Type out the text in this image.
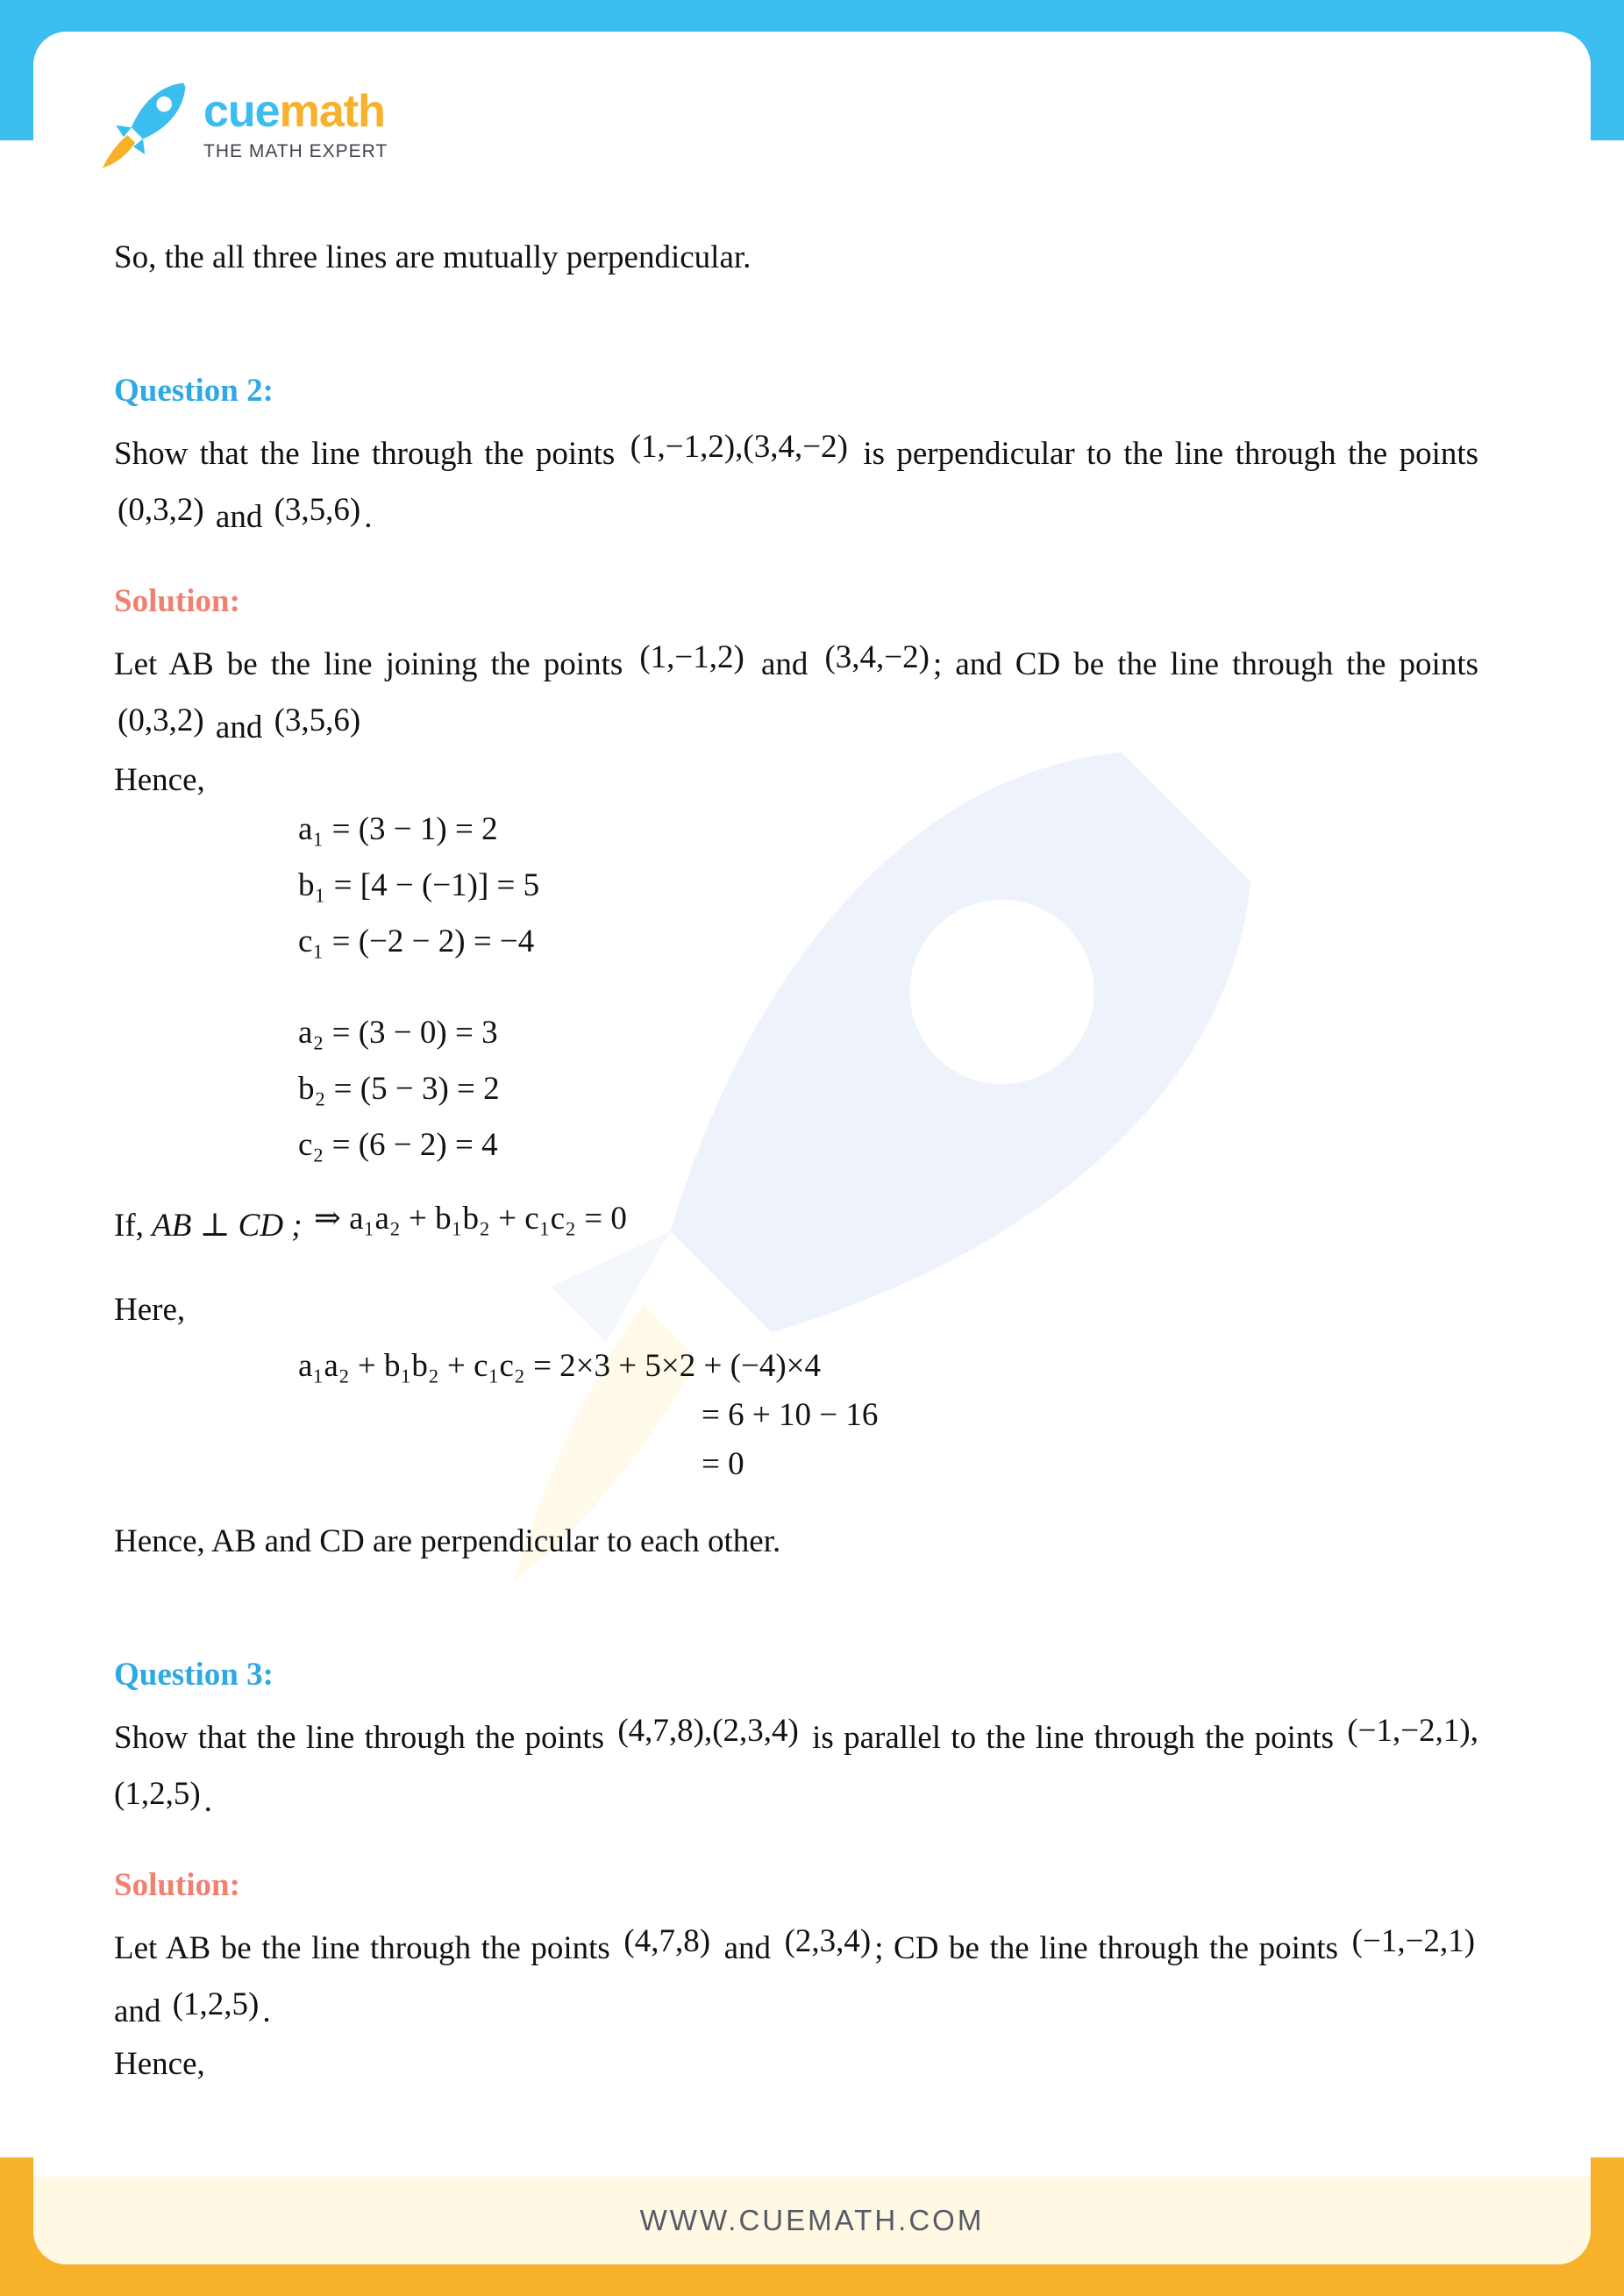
cuemath
THE MATH EXPERT
WWW.CUEMATH.COM

So, the all three lines are mutually perpendicular.

Question 2:

Show that the line through the points (1,−1,2),(3,4,−2) is perpendicular to the line through the points (0,3,2) and (3,5,6) .

Solution:

Let AB be the line joining the points (1,−1,2) and (3,4,−2) ; and CD be the line through the points (0,3,2) and (3,5,6)

Hence,

a₁ = (3 − 1) = 2
b₁ = [4 − (−1)] = 5
c₁ = (−2 − 2) = −4
a₂ = (3 − 0) = 3
b₂ = (5 − 3) = 2
c₂ = (6 − 2) = 4

If, AB ⊥ CD ; ⇒ a₁a₂ + b₁b₂ + c₁c₂ = 0

Here,

a₁a₂ + b₁b₂ + c₁c₂ = 2×3 + 5×2 + (−4)×4
= 6 + 10 − 16
= 0

Hence, AB and CD are perpendicular to each other.

Question 3:

Show that the line through the points (4,7,8),(2,3,4) is parallel to the line through the points (−1,−2,1),(1,2,5) .

Solution:

Let AB be the line through the points (4,7,8) and (2,3,4) ; CD be the line through the points (−1,−2,1) and (1,2,5) .

Hence,
